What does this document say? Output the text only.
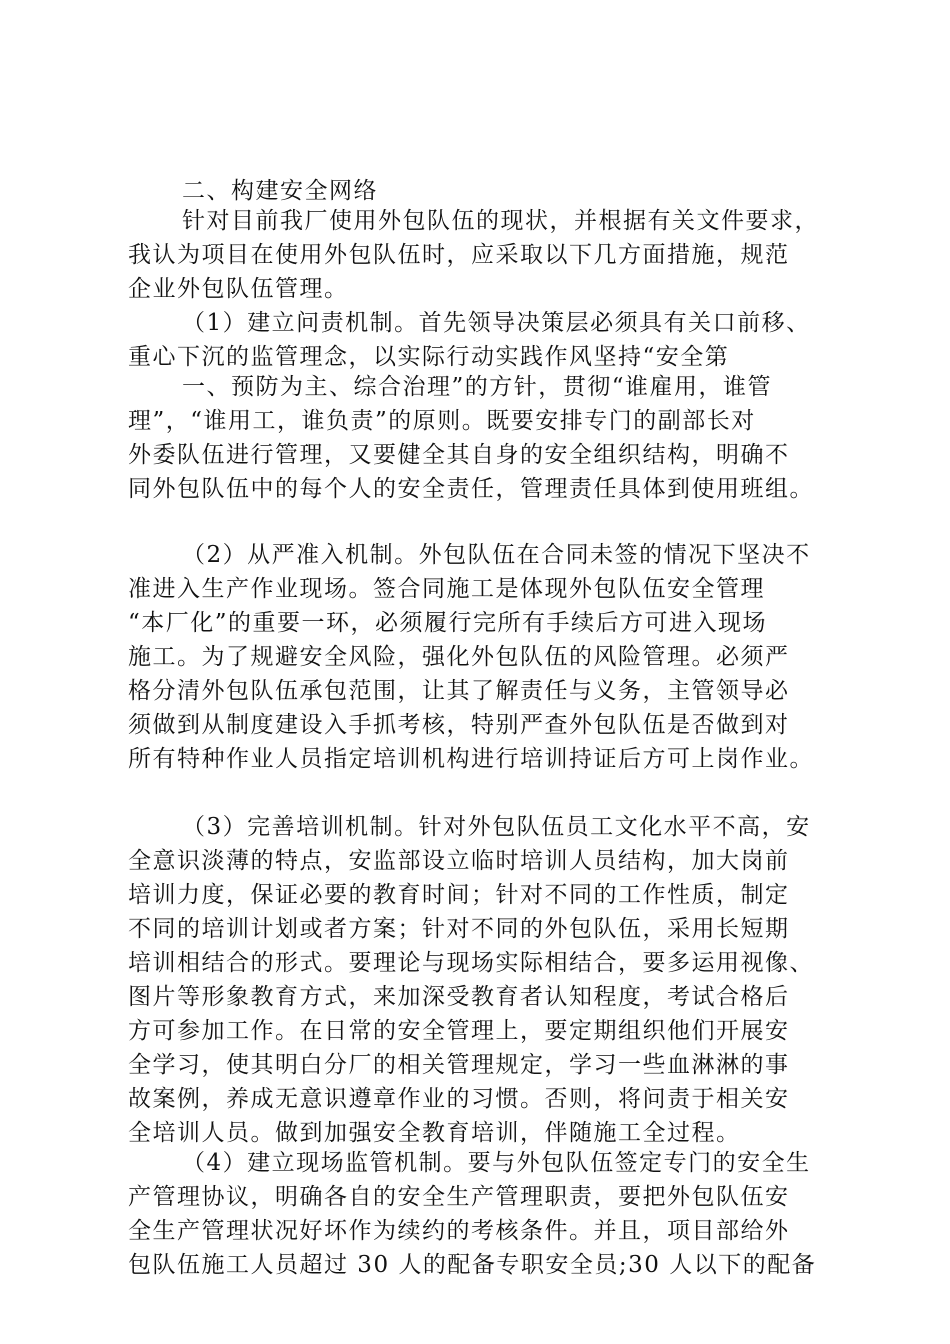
二、构建安全网络
针对目前我厂使用外包队伍的现状，并根据有关文件要求，
我认为项目在使用外包队伍时，应采取以下几方面措施，规范
企业外包队伍管理。
（1）建立问责机制。首先领导决策层必须具有关口前移、
重心下沉的监管理念，以实际行动实践作风坚持“安全第
一、预防为主、综合治理”的方针，贯彻“谁雇用，谁管
理”，“谁用工，谁负责”的原则。既要安排专门的副部长对
外委队伍进行管理，又要健全其自身的安全组织结构，明确不
同外包队伍中的每个人的安全责任，管理责任具体到使用班组。
（2）从严准入机制。外包队伍在合同未签的情况下坚决不
准进入生产作业现场。签合同施工是体现外包队伍安全管理
“本厂化”的重要一环，必须履行完所有手续后方可进入现场
施工。为了规避安全风险，强化外包队伍的风险管理。必须严
格分清外包队伍承包范围，让其了解责任与义务，主管领导必
须做到从制度建设入手抓考核，特别严查外包队伍是否做到对
所有特种作业人员指定培训机构进行培训持证后方可上岗作业。
（3）完善培训机制。针对外包队伍员工文化水平不高，安
全意识淡薄的特点，安监部设立临时培训人员结构，加大岗前
培训力度，保证必要的教育时间；针对不同的工作性质，制定
不同的培训计划或者方案；针对不同的外包队伍，采用长短期
培训相结合的形式。要理论与现场实际相结合，要多运用视像、
图片等形象教育方式，来加深受教育者认知程度，考试合格后
方可参加工作。在日常的安全管理上，要定期组织他们开展安
全学习，使其明白分厂的相关管理规定，学习一些血淋淋的事
故案例，养成无意识遵章作业的习惯。否则，将问责于相关安
全培训人员。做到加强安全教育培训，伴随施工全过程。
（4）建立现场监管机制。要与外包队伍签定专门的安全生
产管理协议，明确各自的安全生产管理职责，要把外包队伍安
全生产管理状况好坏作为续约的考核条件。并且，项目部给外
包队伍施工人员超过 30 人的配备专职安全员;30 人以下的配备
